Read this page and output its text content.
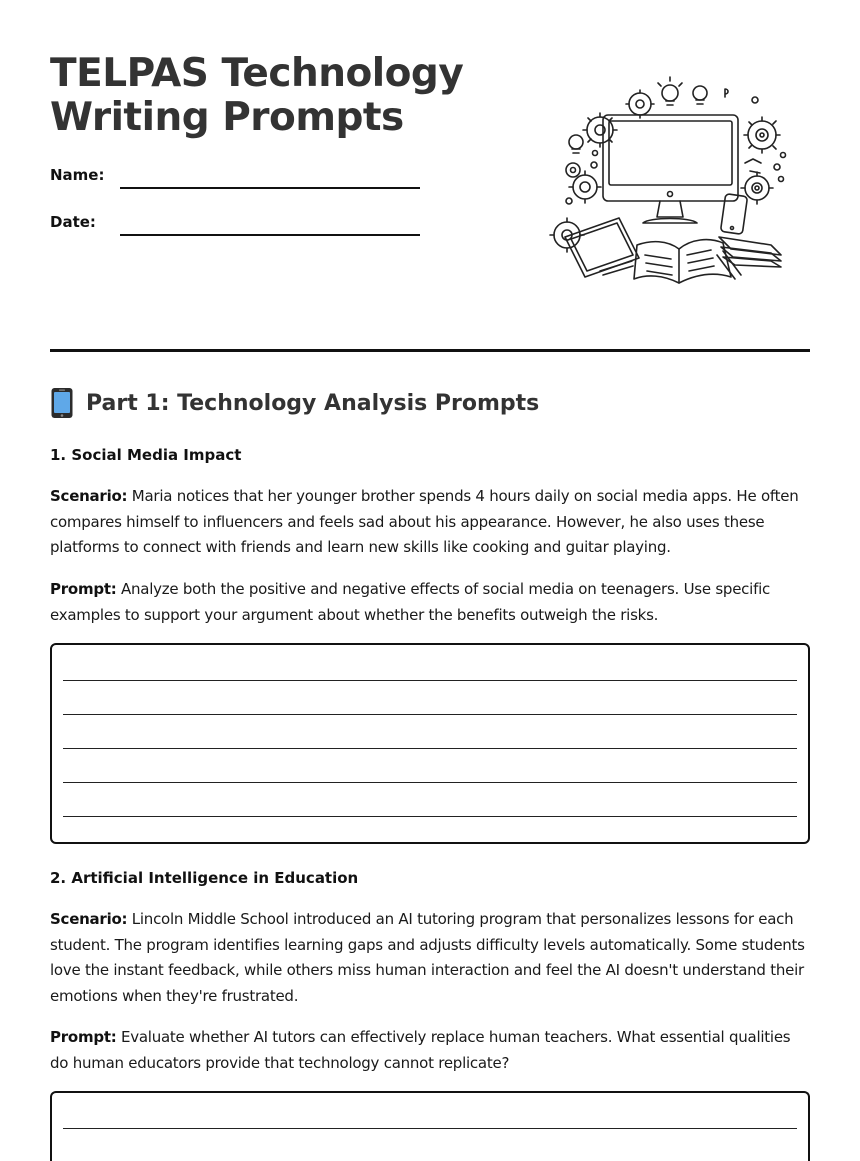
TELPAS Technology
Writing Prompts
Name:
Date:
Part 1: Technology Analysis Prompts
1. Social Media Impact
Scenario: Maria notices that her younger brother spends 4 hours daily on social media apps. He often compares himself to influencers and feels sad about his appearance. However, he also uses these platforms to connect with friends and learn new skills like cooking and guitar playing.
Prompt: Analyze both the positive and negative effects of social media on teenagers. Use specific examples to support your argument about whether the benefits outweigh the risks.
2. Artificial Intelligence in Education
Scenario: Lincoln Middle School introduced an AI tutoring program that personalizes lessons for each student. The program identifies learning gaps and adjusts difficulty levels automatically. Some students love the instant feedback, while others miss human interaction and feel the AI doesn't understand their emotions when they're frustrated.
Prompt: Evaluate whether AI tutors can effectively replace human teachers. What essential qualities do human educators provide that technology cannot replicate?
